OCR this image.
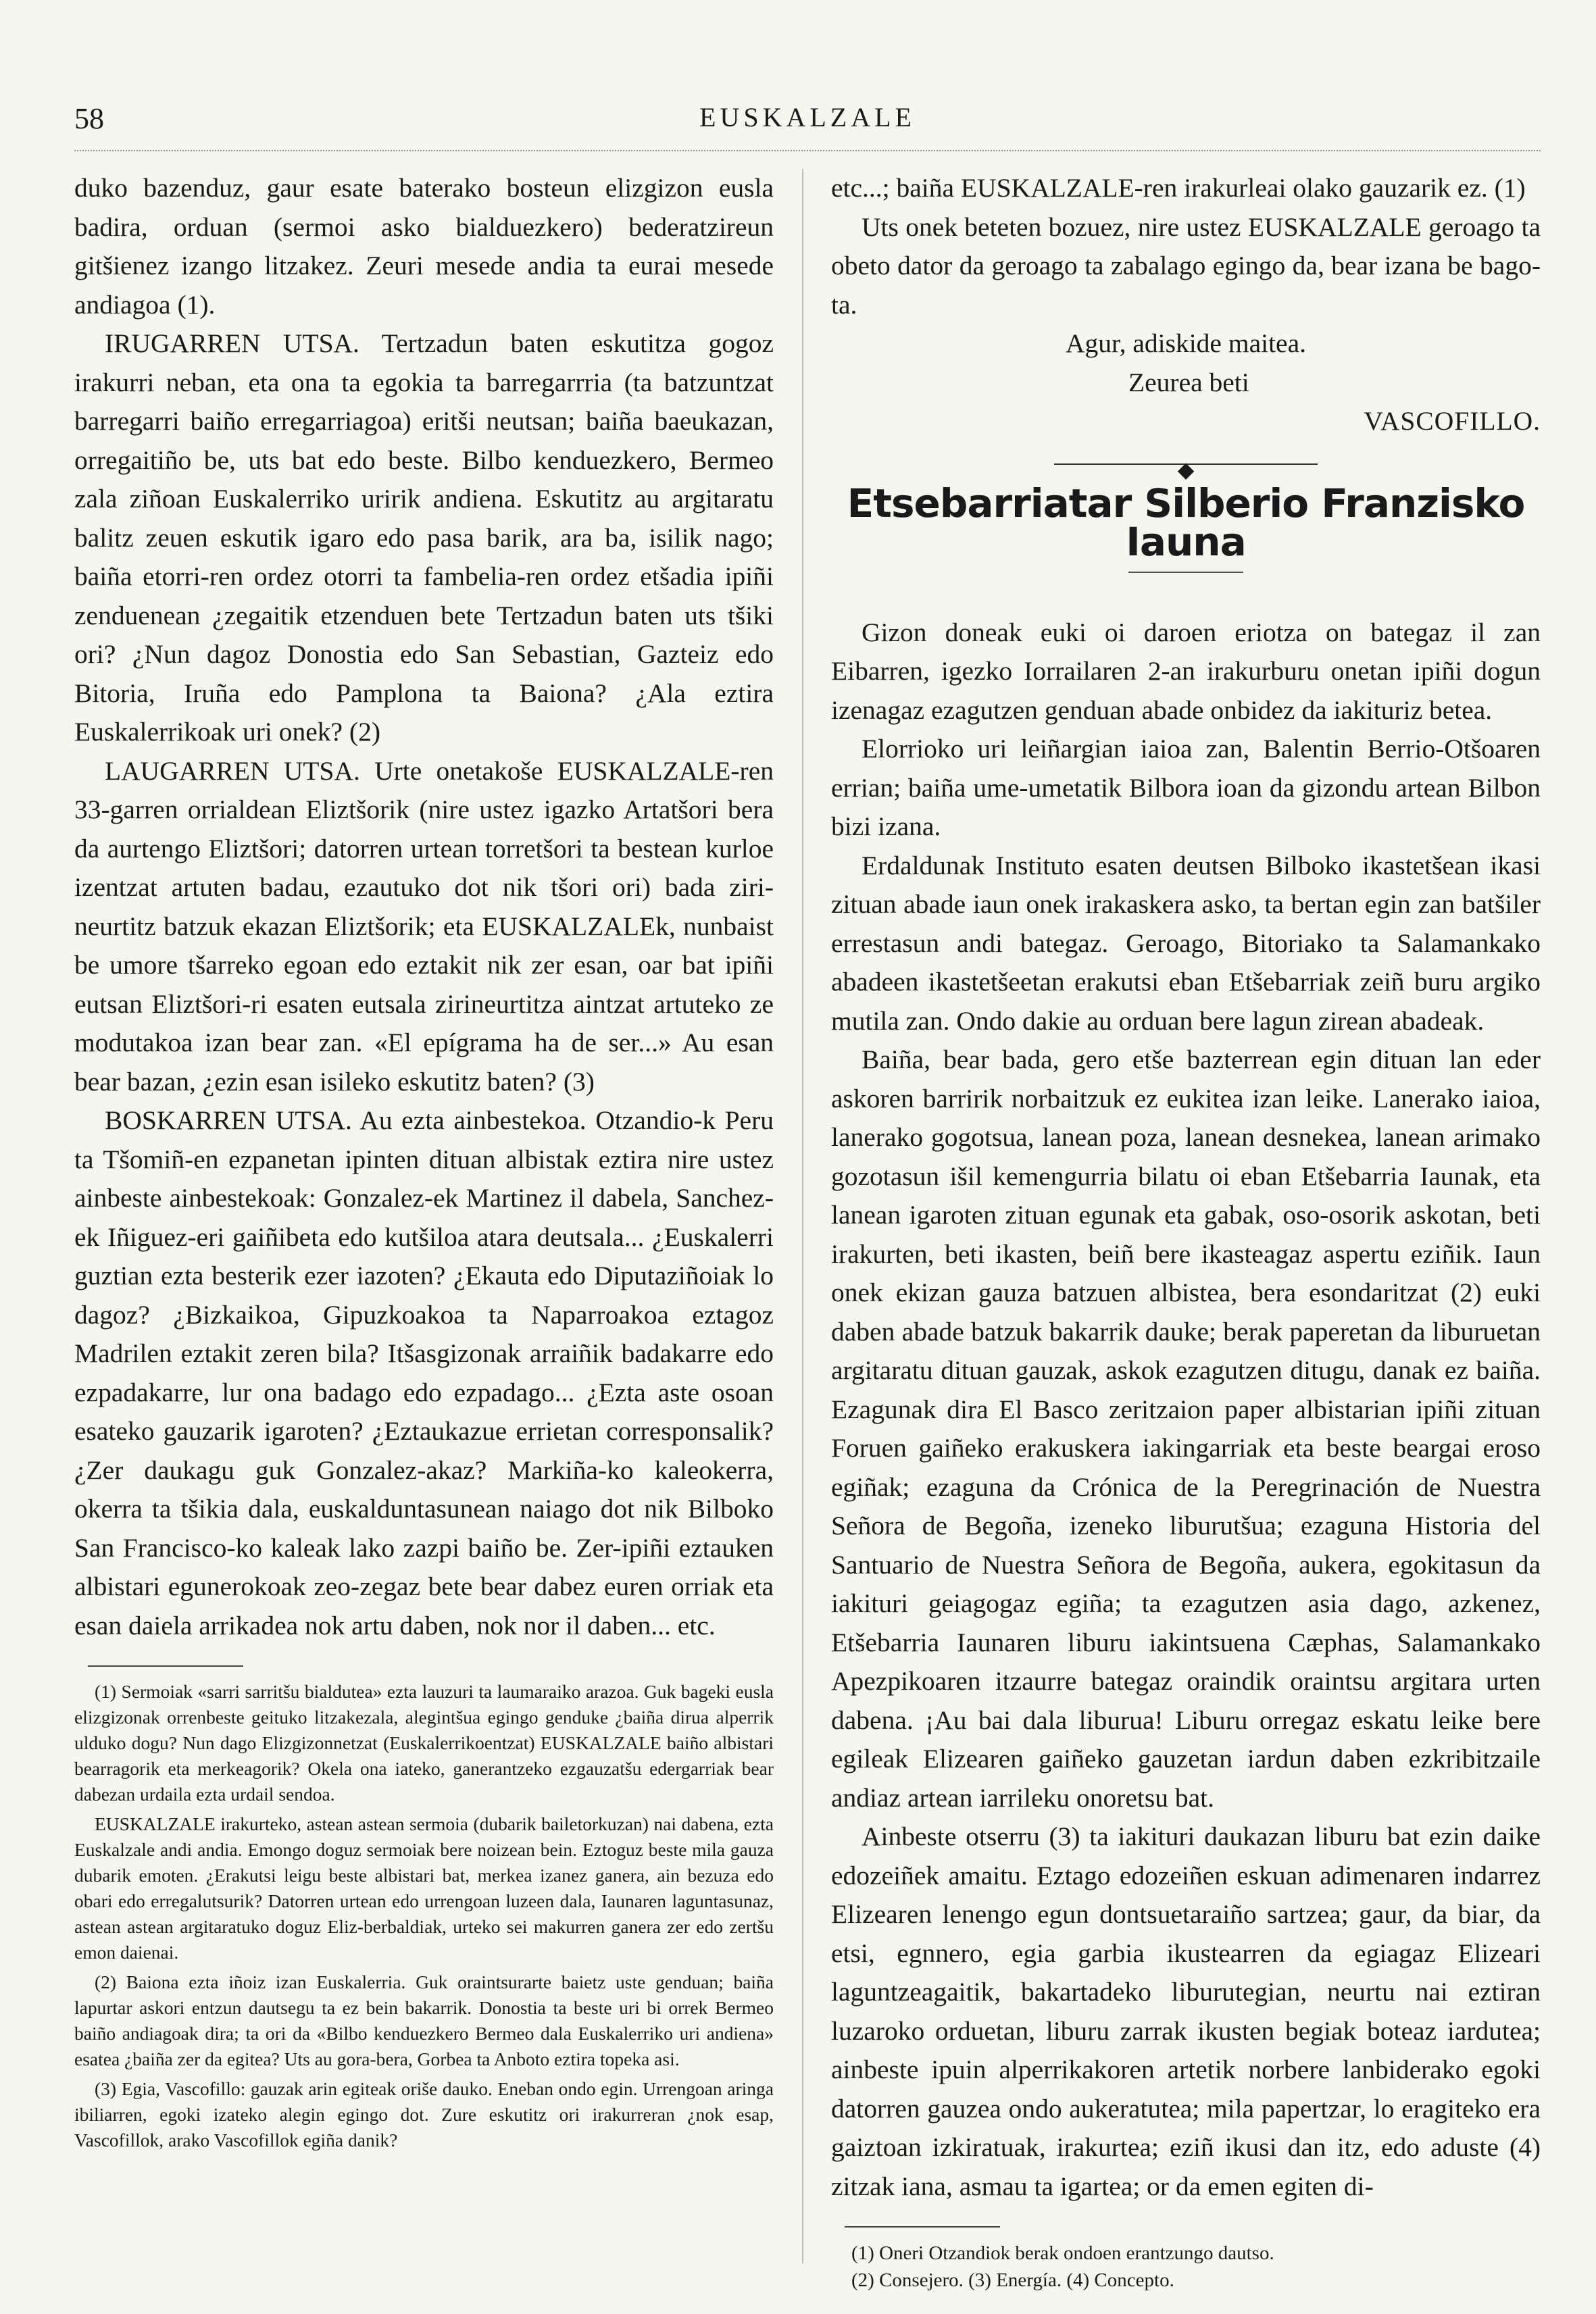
58	EUSKALZALE

duko bazenduz, gaur esate baterako bosteun elizgizon eusla badira, orduan (sermoi asko bialduezkero) bederatzireun gitšienez izango litzakez. Zeuri mesede andia ta eurai mesede andiagoa (1).

IRUGARREN UTSA. Tertzadun baten eskutitza gogoz irakurri neban, eta ona ta egokia ta barregarrria (ta batzuntzat barregarri baiño erregarriagoa) eritši neutsan; baiña baeukazan, orregaitiño be, uts bat edo beste. Bilbo kenduezkero, Bermeo zala ziñoan Euskalerriko uririk andiena. Eskutitz au argitaratu balitz zeuen eskutik igaro edo pasa barik, ara ba, isilik nago; baiña etorri-ren ordez otorri ta fambelia-ren ordez etšadia ipiñi zenduenean ¿zegaitik etzenduen bete Tertzadun baten uts tšiki ori? ¿Nun dagoz Donostia edo San Sebastian, Gazteiz edo Bitoria, Iruña edo Pamplona ta Baiona? ¿Ala eztira Euskalerrikoak uri onek? (2)

LAUGARREN UTSA. Urte onetakoše EUSKALZALE-ren 33-garren orrialdean Eliztšorik (nire ustez igazko Artatšori bera da aurtengo Eliztšori; datorren urtean torretšori ta bestean kurloe izentzat artuten badau, ezautuko dot nik tšori ori) bada ziri-neurtitz batzuk ekazan Eliztšorik; eta EUSKALZALEk, nunbaist be umore tšarreko egoan edo eztakit nik zer esan, oar bat ipiñi eutsan Eliztšori-ri esaten eutsala zirineurtitza aintzat artuteko ze modutakoa izan bear zan. «El epígrama ha de ser...» Au esan bear bazan, ¿ezin esan isileko eskutitz baten? (3)

BOSKARREN UTSA. Au ezta ainbestekoa. Otzandio-k Peru ta Tšomiñ-en ezpanetan ipinten dituan albistak eztira nire ustez ainbeste ainbestekoak: Gonzalez-ek Martinez il dabela, Sanchez-ek Iñiguez-eri gaiñibeta edo kutšiloa atara deutsala... ¿Euskalerri guztian ezta besterik ezer iazoten? ¿Ekauta edo Diputaziñoiak lo dagoz? ¿Bizkaikoa, Gipuzkoakoa ta Naparroakoa eztagoz Madrilen eztakit zeren bila? Itšasgizonak arraiñik badakarre edo ezpadakarre, lur ona badago edo ezpadago... ¿Ezta aste osoan esateko gauzarik igaroten? ¿Eztaukazue errietan corresponsalik? ¿Zer daukagu guk Gonzalez-akaz? Markiña-ko kaleokerra, okerra ta tšikia dala, euskalduntasunean naiago dot nik Bilboko San Francisco-ko kaleak lako zazpi baiño be. Zer-ipiñi eztauken albistari egunerokoak zeo-zegaz bete bear dabez euren orriak eta esan daiela arrikadea nok artu daben, nok nor il daben... etc.

(1) Sermoiak «sarri sarritšu bialdutea» ezta lauzuri ta laumaraiko arazoa. Guk bageki eusla elizgizonak orrenbeste geituko litzakezala, alegintšua egingo genduke ¿baiña dirua alperrik ulduko dogu? Nun dago Elizgizonnetzat (Euskalerrikoentzat) EUSKALZALE baiño albistari bearragorik eta merkeagorik? Okela ona iateko, ganerantzeko ezgauzatšu edergarriak bear dabezan urdaila ezta urdail sendoa.

EUSKALZALE irakurteko, astean astean sermoia (dubarik bailetorkuzan) nai dabena, ezta Euskalzale andi andia. Emongo doguz sermoiak bere noizean bein. Eztoguz beste mila gauza dubarik emoten. ¿Erakutsi leigu beste albistari bat, merkea izanez ganera, ain bezuza edo obari edo erregalutsurik? Datorren urtean edo urrengoan luzeen dala, Iaunaren laguntasunaz, astean astean argitaratuko doguz Eliz-berbaldiak, urteko sei makurren ganera zer edo zertšu emon daienai.

(2) Baiona ezta iñoiz izan Euskalerria. Guk oraintsurarte baietz uste genduan; baiña lapurtar askori entzun dautsegu ta ez bein bakarrik. Donostia ta beste uri bi orrek Bermeo baiño andiagoak dira; ta ori da «Bilbo kenduezkero Bermeo dala Euskalerriko uri andiena» esatea ¿baiña zer da egitea? Uts au gora-bera, Gorbea ta Anboto eztira topeka asi.

(3) Egia, Vascofillo: gauzak arin egiteak oriše dauko. Eneban ondo egin. Urrengoan aringa ibiliarren, egoki izateko alegin egingo dot. Zure eskutitz ori irakurreran ¿nok esap, Vascofillok, arako Vascofillok egiña danik?

etc...; baiña EUSKALZALE-ren irakurleai olako gauzarik ez. (1)

Uts onek beteten bozuez, nire ustez EUSKALZALE geroago ta obeto dator da geroago ta zabalago egingo da, bear izana be bago-ta.

Agur, adiskide maitea.

Zeurea beti

VASCOFILLO.

◆
Etsebarriatar Silberio Franzisko Iauna

Gizon doneak euki oi daroen eriotza on bategaz il zan Eibarren, igezko Iorrailaren 2-an irakurburu onetan ipiñi dogun izenagaz ezagutzen genduan abade onbidez da iakituriz betea.

Elorrioko uri leiñargian iaioa zan, Balentin Berrio-Otšoaren errian; baiña ume-umetatik Bilbora ioan da gizondu artean Bilbon bizi izana.

Erdaldunak Instituto esaten deutsen Bilboko ikastetšean ikasi zituan abade iaun onek irakaskera asko, ta bertan egin zan batšiler errestasun andi bategaz. Geroago, Bitoriako ta Salamankako abadeen ikastetšeetan erakutsi eban Etšebarriak zeiñ buru argiko mutila zan. Ondo dakie au orduan bere lagun zirean abadeak.

Baiña, bear bada, gero etše bazterrean egin dituan lan eder askoren barririk norbaitzuk ez eukitea izan leike. Lanerako iaioa, lanerako gogotsua, lanean poza, lanean desnekea, lanean arimako gozotasun išil kemengurria bilatu oi eban Etšebarria Iaunak, eta lanean igaroten zituan egunak eta gabak, oso-osorik askotan, beti irakurten, beti ikasten, beiñ bere ikasteagaz aspertu eziñik. Iaun onek ekizan gauza batzuen albistea, bera esondaritzat (2) euki daben abade batzuk bakarrik dauke; berak paperetan da liburuetan argitaratu dituan gauzak, askok ezagutzen ditugu, danak ez baiña. Ezagunak dira El Basco zeritzaion paper albistarian ipiñi zituan Foruen gaiñeko erakuskera iakingarriak eta beste beargai eroso egiñak; ezaguna da Crónica de la Peregrinación de Nuestra Señora de Begoña, izeneko liburutšua; ezaguna Historia del Santuario de Nuestra Señora de Begoña, aukera, egokitasun da iakituri geiagogaz egiña; ta ezagutzen asia dago, azkenez, Etšebarria Iaunaren liburu iakintsuena Cæphas, Salamankako Apezpikoaren itzaurre bategaz oraindik oraintsu argitara urten dabena. ¡Au bai dala liburua! Liburu orregaz eskatu leike bere egileak Elizearen gaiñeko gauzetan iardun daben ezkribitzaile andiaz artean iarrileku onoretsu bat.

Ainbeste otserru (3) ta iakituri daukazan liburu bat ezin daike edozeiñek amaitu. Eztago edozeiñen eskuan adimenaren indarrez Elizearen lenengo egun dontsuetaraiño sartzea; gaur, da biar, da etsi, egnnero, egia garbia ikustearren da egiagaz Elizeari laguntzeagaitik, bakartadeko liburutegian, neurtu nai eztiran luzaroko orduetan, liburu zarrak ikusten begiak boteaz iardutea; ainbeste ipuin alperrikakoren artetik norbere lanbiderako egoki datorren gauzea ondo aukeratutea; mila papertzar, lo eragiteko era gaiztoan izkiratuak, irakurtea; eziñ ikusi dan itz, edo aduste (4) zitzak iana, asmau ta igartea; or da emen egiten di-

(1) Oneri Otzandiok berak ondoen erantzungo dautso.

(2) Consejero. (3) Energía. (4) Concepto.
